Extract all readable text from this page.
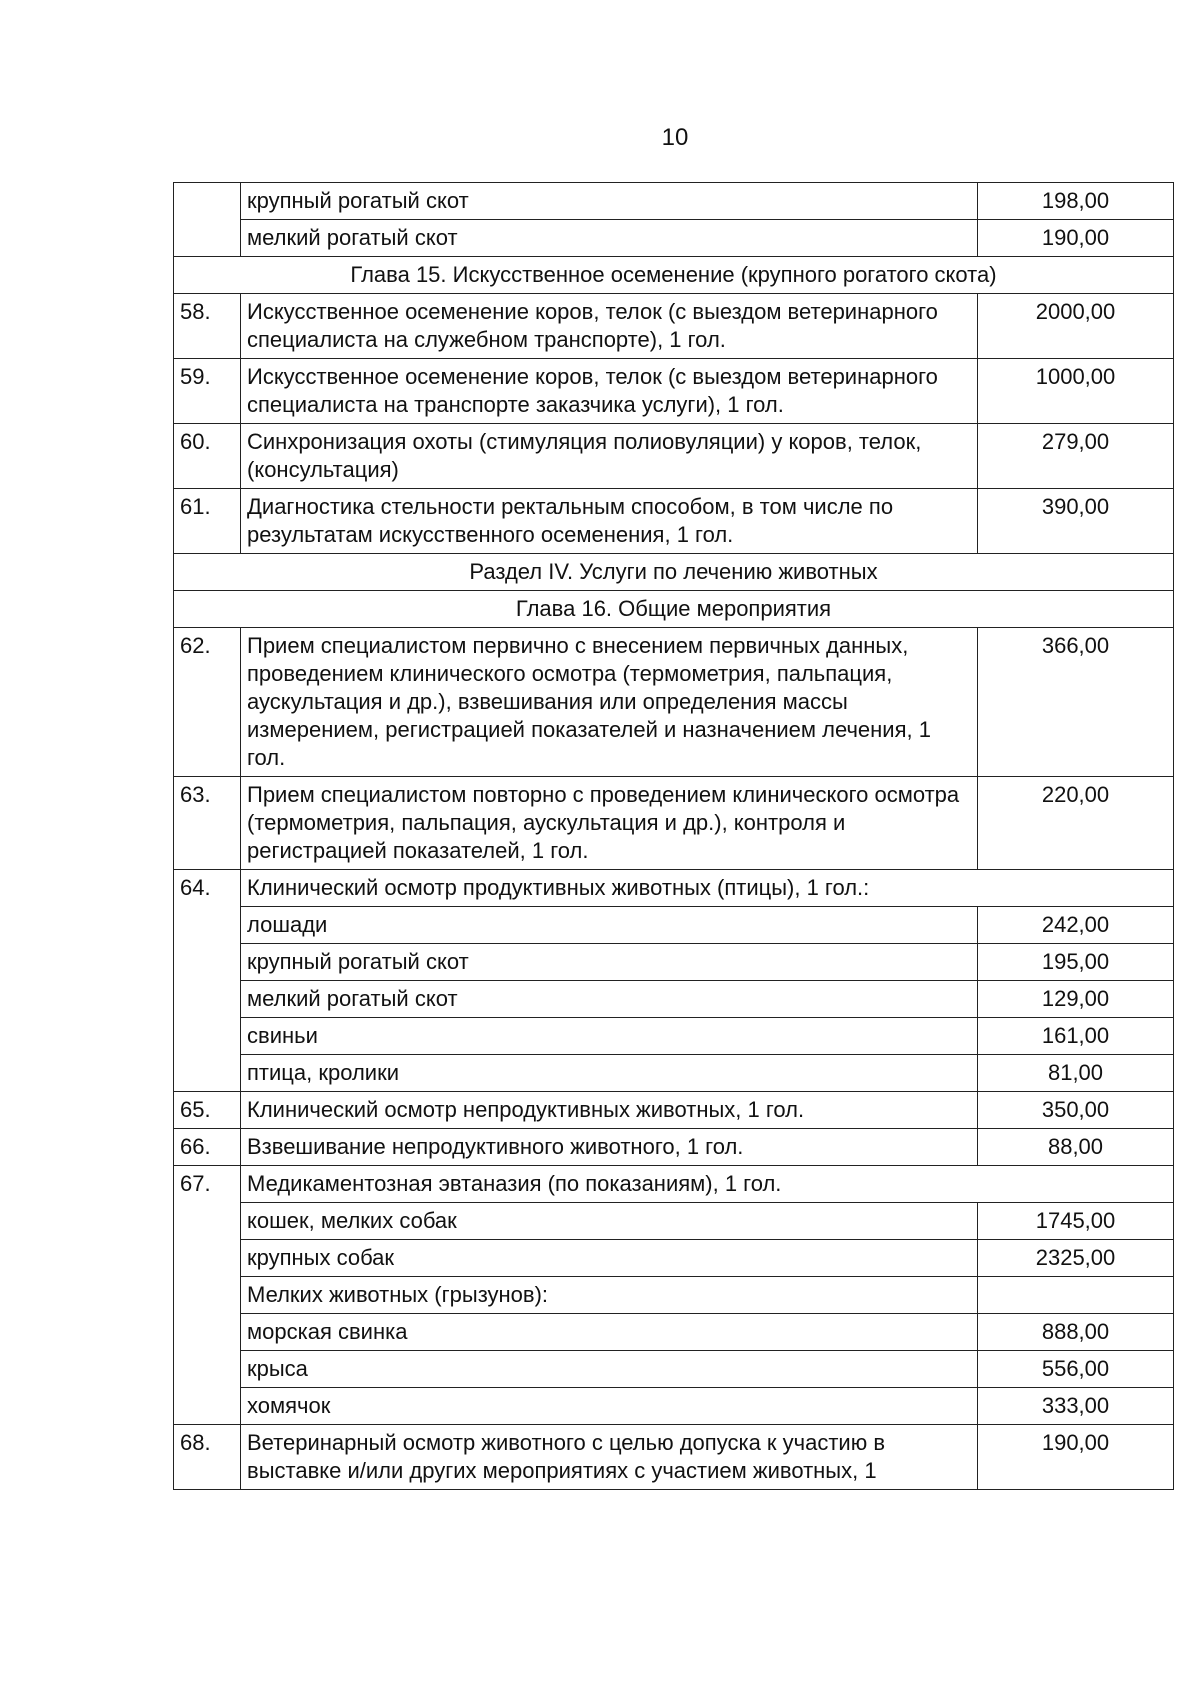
10
	крупный рогатый скот	198,00
	мелкий рогатый скот	190,00
Глава 15. Искусственное осеменение (крупного рогатого скота)		
58.	Искусственное осеменение коров, телок (с выездом ветеринарного специалиста на служебном транспорте), 1 гол.	2000,00
59.	Искусственное осеменение коров, телок (с выездом ветеринарного специалиста на транспорте заказчика услуги), 1 гол.	1000,00
60.	Синхронизация охоты (стимуляция полиовуляции) у коров, телок, (консультация)	279,00
61.	Диагностика стельности ректальным способом, в том числе по результатам искусственного осеменения, 1 гол.	390,00
Раздел IV. Услуги по лечению животных		
Глава 16. Общие мероприятия		
62.	Прием специалистом первично с внесением первичных данных, проведением клинического осмотра (термометрия, пальпация, аускультация и др.), взвешивания или определения массы измерением, регистрацией показателей и назначением лечения, 1 гол.	366,00
63.	Прием специалистом повторно с проведением клинического осмотра (термометрия, пальпация, аускультация и др.), контроля и регистрацией показателей, 1 гол.	220,00
64.	Клинический осмотр продуктивных животных (птицы), 1 гол.:	
	лошади	242,00
	крупный рогатый скот	195,00
	мелкий рогатый скот	129,00
	свиньи	161,00
	птица, кролики	81,00
65.	Клинический осмотр непродуктивных животных, 1 гол.	350,00
66.	Взвешивание непродуктивного животного, 1 гол.	88,00
67.	Медикаментозная эвтаназия (по показаниям), 1 гол.	
	кошек, мелких собак	1745,00
	крупных собак	2325,00
	Мелких животных (грызунов):	
	морская свинка	888,00
	крыса	556,00
	хомячок	333,00
68.	Ветеринарный осмотр животного с целью допуска к участию в выставке и/или других мероприятиях с участием животных, 1	190,00
